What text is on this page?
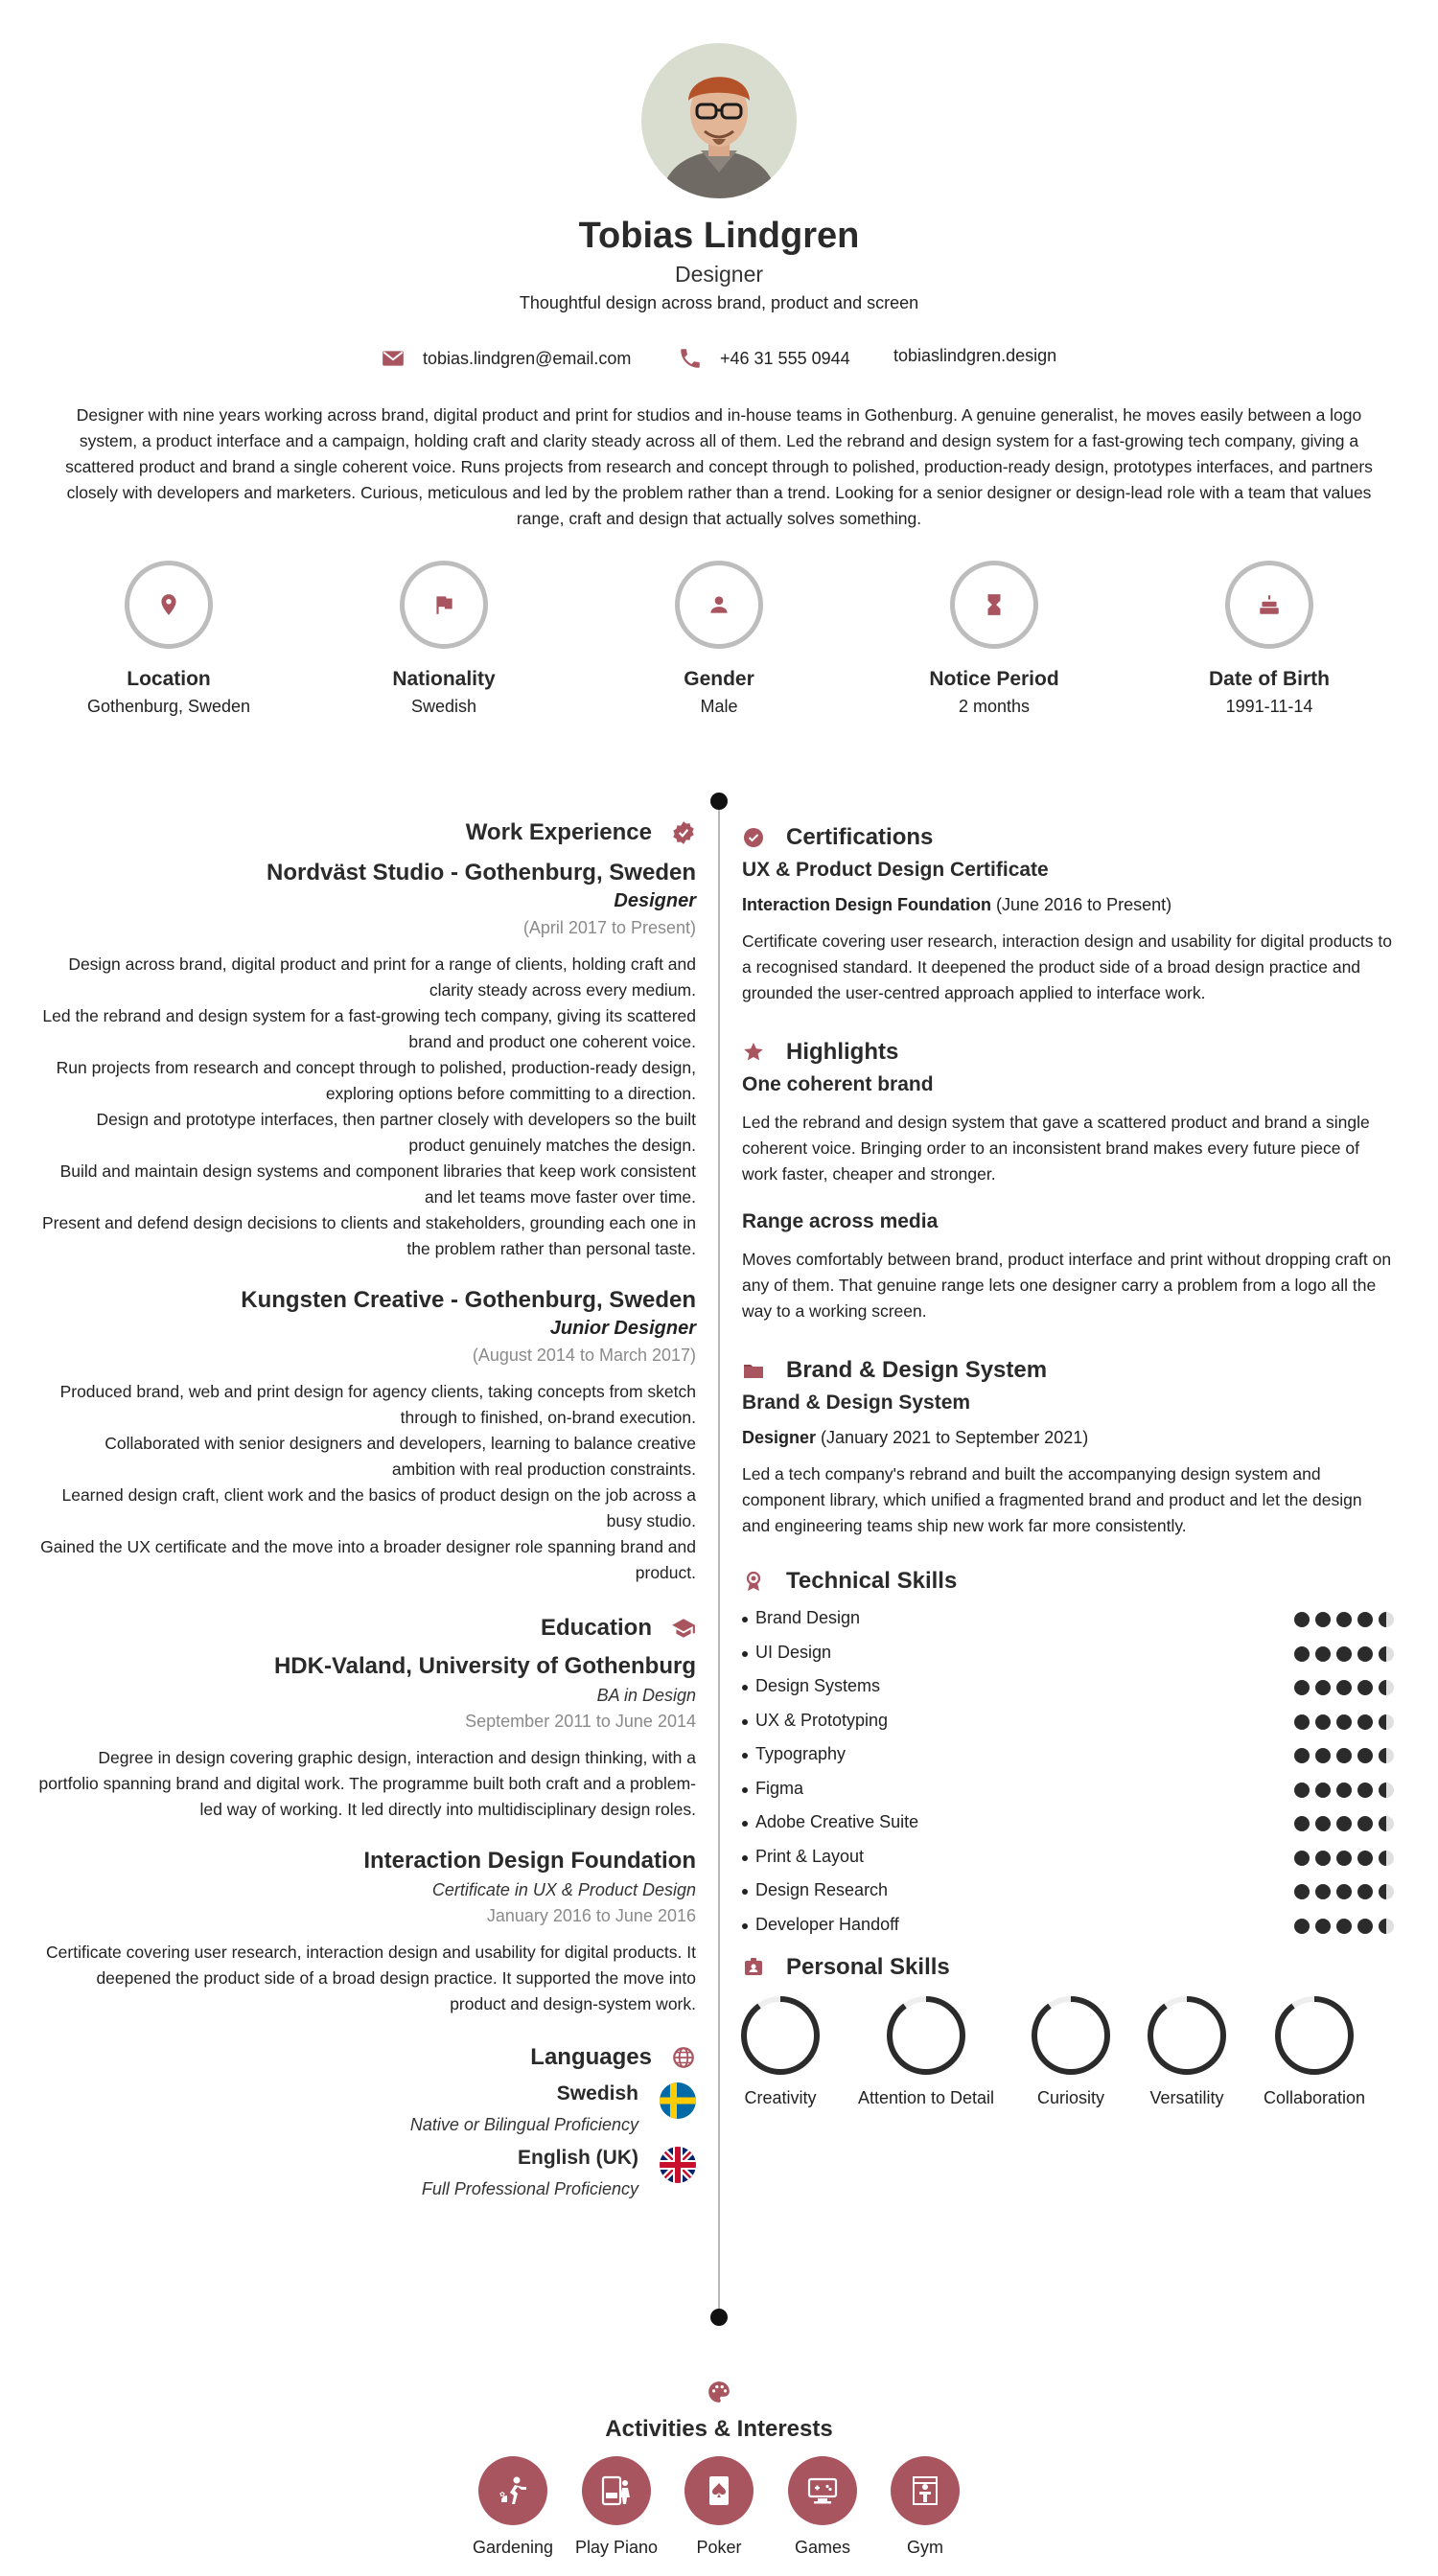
Tobias Lindgren
Designer
Thoughtful design across brand, product and screen
tobias.lindgren@email.com	+46 31 555 0944	tobiaslindgren.design
Designer with nine years working across brand, digital product and print for studios and in-house teams in Gothenburg. A genuine generalist, he moves easily between a logo system, a product interface and a campaign, holding craft and clarity steady across all of them. Led the rebrand and design system for a fast-growing tech company, giving a scattered product and brand a single coherent voice. Runs projects from research and concept through to polished, production-ready design, prototypes interfaces, and partners closely with developers and marketers. Curious, meticulous and led by the problem rather than a trend. Looking for a senior designer or design-lead role with a team that values range, craft and design that actually solves something.
Location
Gothenburg, Sweden
Nationality
Swedish
Gender
Male
Notice Period
2 months
Date of Birth
1991-11-14
Work Experience
Nordväst Studio - Gothenburg, Sweden
Designer
(April 2017 to Present)
Design across brand, digital product and print for a range of clients, holding craft and clarity steady across every medium.
Led the rebrand and design system for a fast-growing tech company, giving its scattered brand and product one coherent voice.
Run projects from research and concept through to polished, production-ready design, exploring options before committing to a direction.
Design and prototype interfaces, then partner closely with developers so the built product genuinely matches the design.
Build and maintain design systems and component libraries that keep work consistent and let teams move faster over time.
Present and defend design decisions to clients and stakeholders, grounding each one in the problem rather than personal taste.
Kungsten Creative - Gothenburg, Sweden
Junior Designer
(August 2014 to March 2017)
Produced brand, web and print design for agency clients, taking concepts from sketch through to finished, on-brand execution.
Collaborated with senior designers and developers, learning to balance creative ambition with real production constraints.
Learned design craft, client work and the basics of product design on the job across a busy studio.
Gained the UX certificate and the move into a broader designer role spanning brand and product.
Education
HDK-Valand, University of Gothenburg
BA in Design
September 2011 to June 2014
Degree in design covering graphic design, interaction and design thinking, with a portfolio spanning brand and digital work. The programme built both craft and a problem-led way of working. It led directly into multidisciplinary design roles.
Interaction Design Foundation
Certificate in UX & Product Design
January 2016 to June 2016
Certificate covering user research, interaction design and usability for digital products. It deepened the product side of a broad design practice. It supported the move into product and design-system work.
Languages
Swedish
Native or Bilingual Proficiency
English (UK)
Full Professional Proficiency
Certifications
UX & Product Design Certificate
Interaction Design Foundation (June 2016 to Present)
Certificate covering user research, interaction design and usability for digital products to a recognised standard. It deepened the product side of a broad design practice and grounded the user-centred approach applied to interface work.
Highlights
One coherent brand
Led the rebrand and design system that gave a scattered product and brand a single coherent voice. Bringing order to an inconsistent brand makes every future piece of work faster, cheaper and stronger.
Range across media
Moves comfortably between brand, product interface and print without dropping craft on any of them. That genuine range lets one designer carry a problem from a logo all the way to a working screen.
Brand & Design System
Brand & Design System
Designer (January 2021 to September 2021)
Led a tech company's rebrand and built the accompanying design system and component library, which unified a fragmented brand and product and let the design and engineering teams ship new work far more consistently.
Technical Skills
Brand Design
UI Design
Design Systems
UX & Prototyping
Typography
Figma
Adobe Creative Suite
Print & Layout
Design Research
Developer Handoff
Personal Skills
Creativity	Attention to Detail	Curiosity	Versatility	Collaboration
Activities & Interests
✿
Gardening	Play Piano	Poker	Games	Gym
